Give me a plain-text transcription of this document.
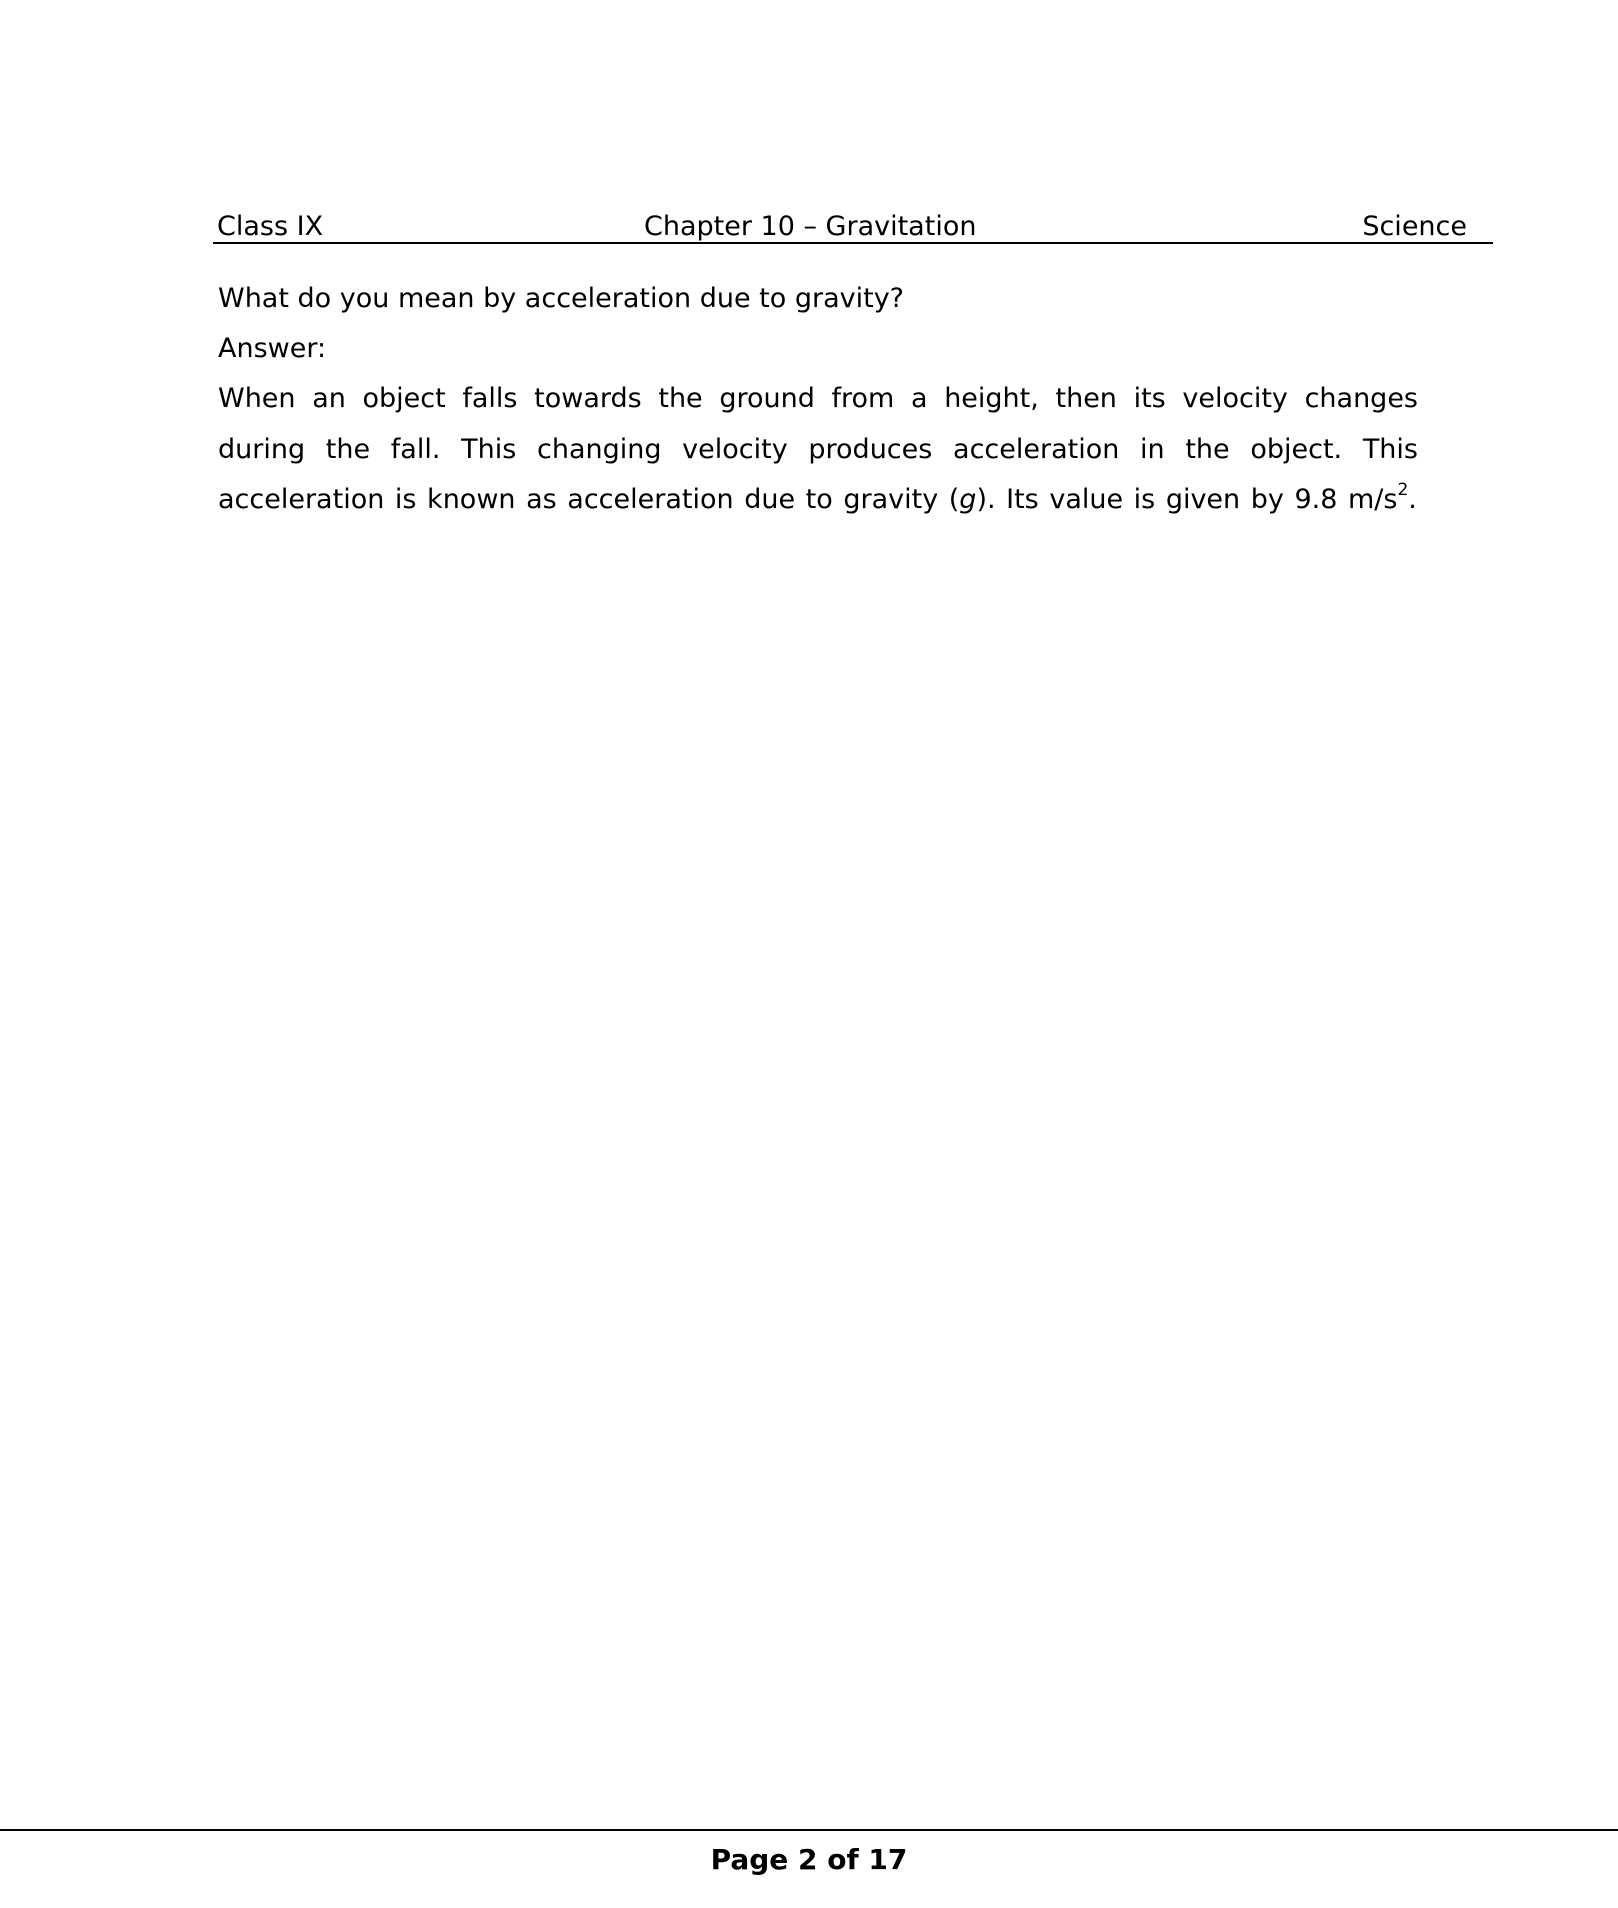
Class IX	Chapter 10 – Gravitation	Science

What do you mean by acceleration due to gravity?

Answer:

When an object falls towards the ground from a height, then its velocity changes during the fall. This changing velocity produces acceleration in the object. This acceleration is known as acceleration due to gravity (g). Its value is given by 9.8 $m/s^2$.

Page 2 of 17
